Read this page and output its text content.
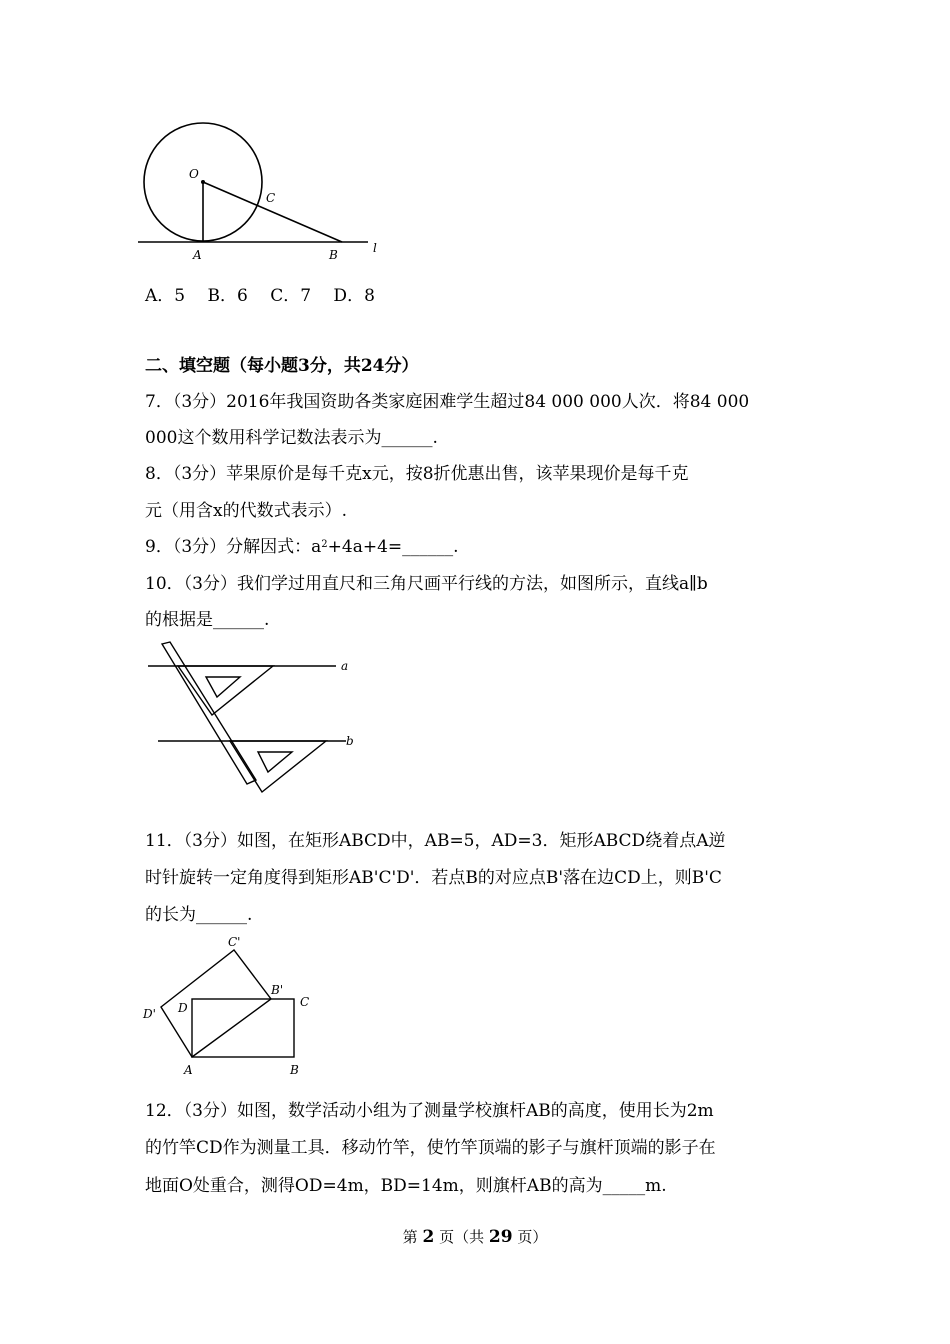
O
C
A	B	l
A．5　 B．6　 C．7　 D．8
二、填空题（每小题3分，共24分）
7．（3分）2016年我国资助各类家庭困难学生超过84 000 000人次．将84 000
000这个数用科学记数法表示为______.
8．（3分）苹果原价是每千克x元，按8折优惠出售，该苹果现价是每千克
元（用含x的代数式表示）.
9．（3分）分解因式：$a^2+4a+4=\_\_\_\_\_\_$.
10．（3分）我们学过用直尺和三角尺画平行线的方法，如图所示，直线a∥b
的根据是______.
a
b
11．（3分）如图，在矩形ABCD中，AB=5，AD=3．矩形ABCD绕着点A逆
时针旋转一定角度得到矩形AB'C'D'．若点B的对应点B'落在边CD上，则B'C
的长为______.
C'
B'
C
D' D
A	B
12．（3分）如图，数学活动小组为了测量学校旗杆AB的高度，使用长为2m
的竹竿CD作为测量工具．移动竹竿，使竹竿顶端的影子与旗杆顶端的影子在
地面O处重合，测得OD=4m，BD=14m，则旗杆AB的高为_____m.
第 2 页（共 29 页）
